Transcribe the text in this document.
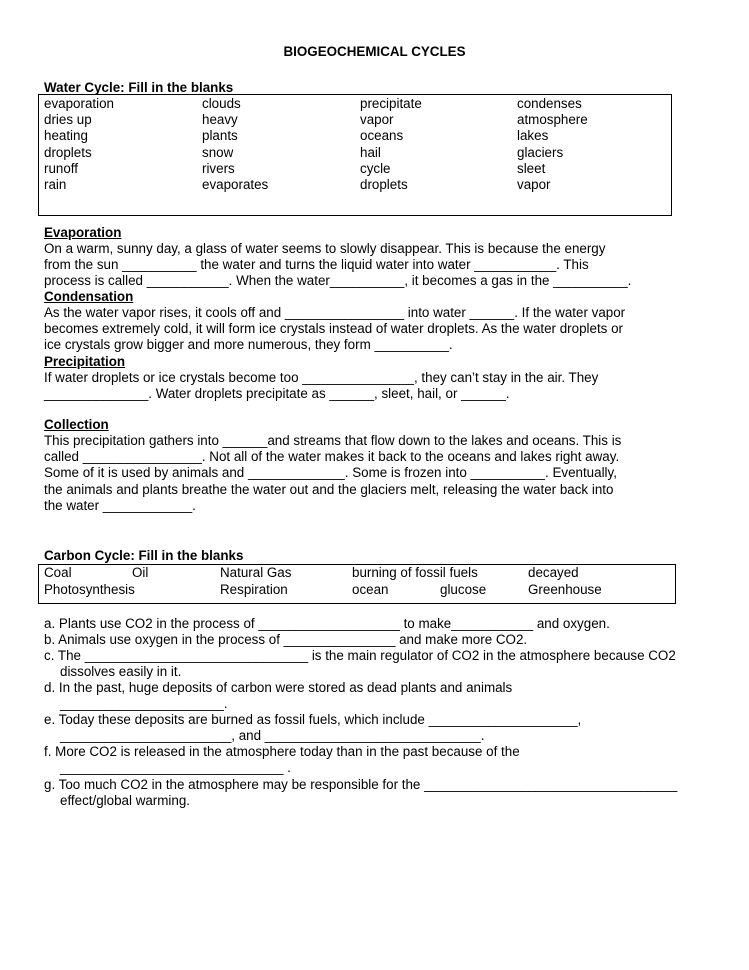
BIOGEOCHEMICAL CYCLES
Water Cycle: Fill in the blanks
evaporation	clouds	precipitate	condenses
dries up	heavy	vapor	atmosphere
heating	plants	oceans	lakes
droplets	snow	hail	glaciers
runoff	rivers	cycle	sleet
rain	evaporates	droplets	vapor
Evaporation
On a warm, sunny day, a glass of water seems to slowly disappear. This is because the energy
from the sun __________ the water and turns the liquid water into water ___________. This
process is called ___________. When the water__________, it becomes a gas in the __________.
Condensation
As the water vapor rises, it cools off and ________________ into water ______. If the water vapor
becomes extremely cold, it will form ice crystals instead of water droplets. As the water droplets or
ice crystals grow bigger and more numerous, they form __________.
Precipitation
If water droplets or ice crystals become too _______________, they can’t stay in the air. They
______________. Water droplets precipitate as ______, sleet, hail, or ______.
Collection
This precipitation gathers into ______and streams that flow down to the lakes and oceans. This is
called ________________. Not all of the water makes it back to the oceans and lakes right away.
Some of it is used by animals and _____________. Some is frozen into __________. Eventually,
the animals and plants breathe the water out and the glaciers melt, releasing the water back into
the water ____________.
Carbon Cycle: Fill in the blanks
Coal	Oil	Natural Gas	burning of fossil fuels	decayed
Photosynthesis	Respiration	ocean	glucose	Greenhouse
a. Plants use CO2 in the process of ___________________ to make___________ and oxygen.
b. Animals use oxygen in the process of _______________ and make more CO2.
c. The ______________________________ is the main regulator of CO2 in the atmosphere because CO2
dissolves easily in it.
d. In the past, huge deposits of carbon were stored as dead plants and animals
______________________.
e. Today these deposits are burned as fossil fuels, which include ____________________,
_______________________, and _____________________________.
f. More CO2 is released in the atmosphere today than in the past because of the
______________________________ .
g. Too much CO2 in the atmosphere may be responsible for the __________________________________
effect/global warming.
